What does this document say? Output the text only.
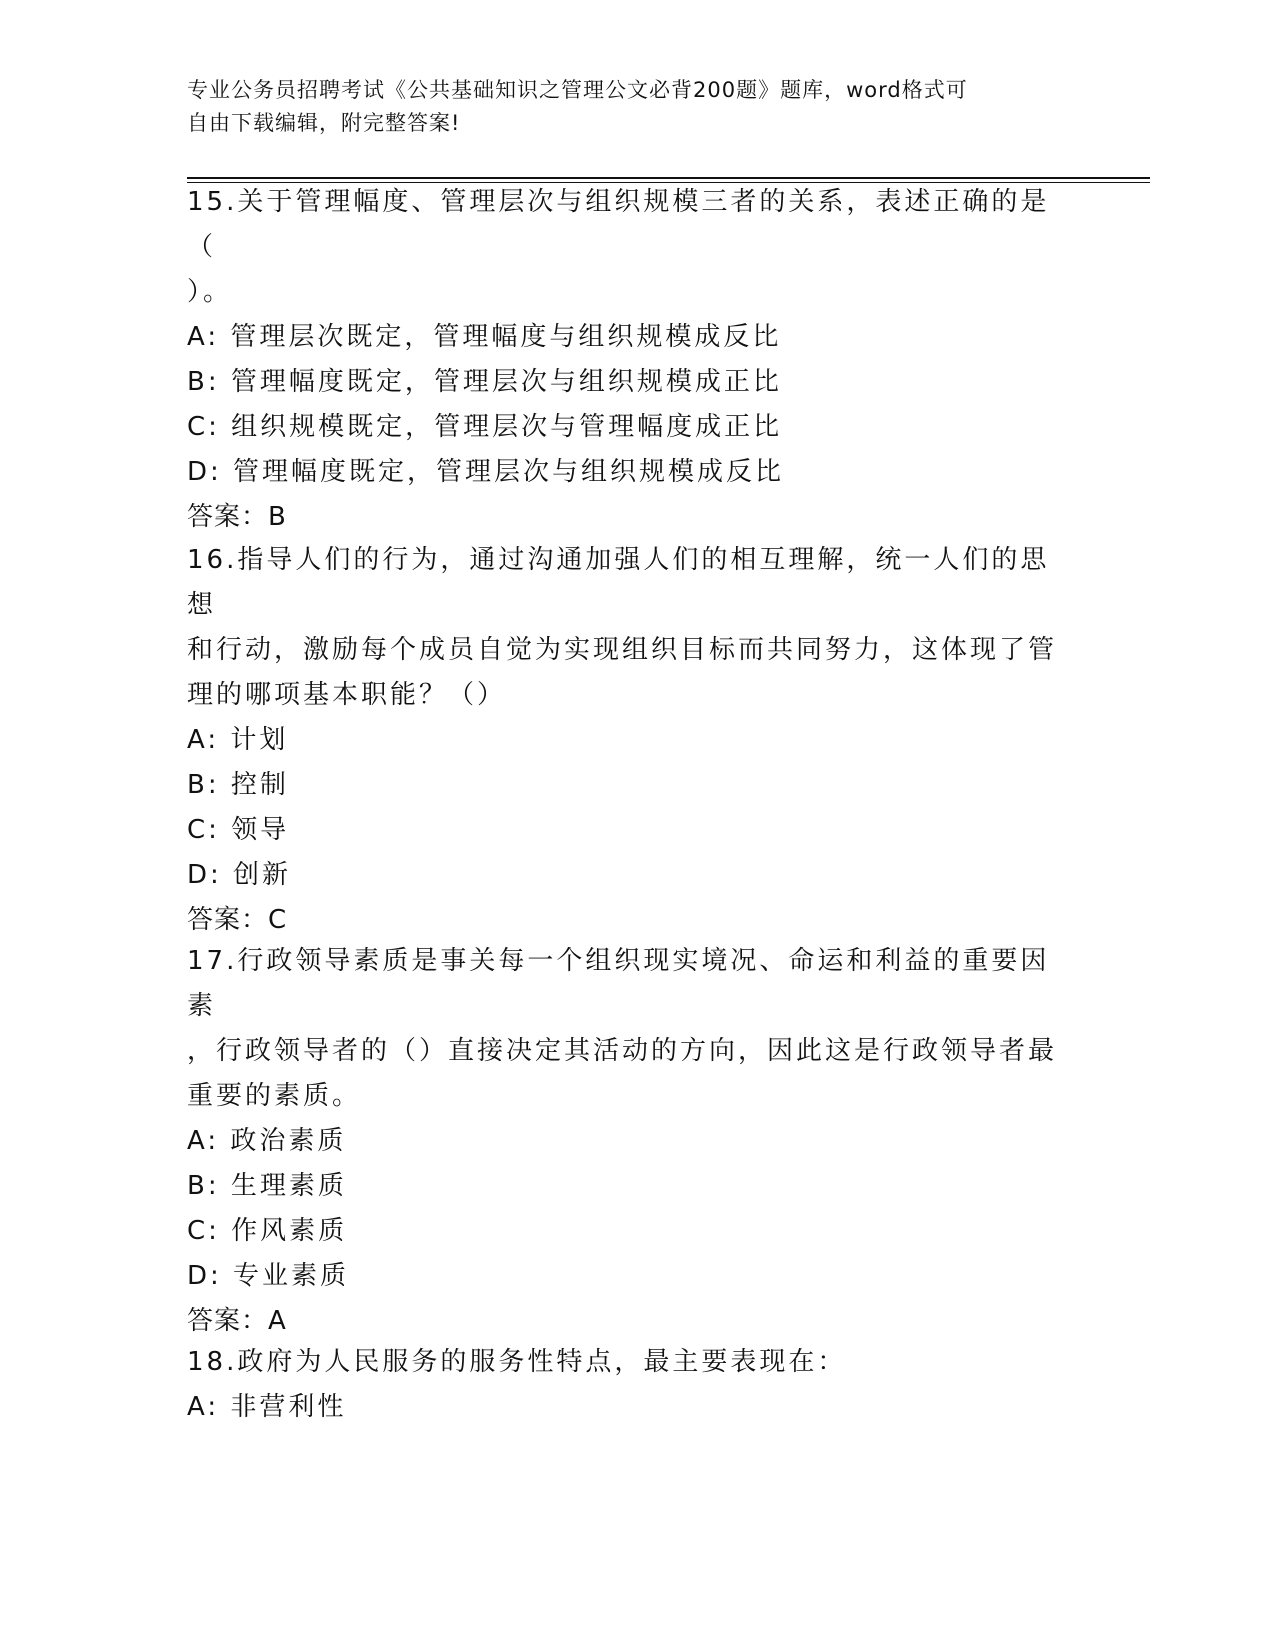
专业公务员招聘考试《公共基础知识之管理公文必背200题》题库，word格式可
自由下载编辑，附完整答案!

15.关于管理幅度、管理层次与组织规模三者的关系，表述正确的是（

）。

A: 管理层次既定，管理幅度与组织规模成反比

B: 管理幅度既定，管理层次与组织规模成正比

C: 组织规模既定，管理层次与管理幅度成正比

D: 管理幅度既定，管理层次与组织规模成反比

答案：B

16.指导人们的行为，通过沟通加强人们的相互理解，统一人们的思想

和行动，激励每个成员自觉为实现组织目标而共同努力，这体现了管

理的哪项基本职能？（）

A: 计划

B: 控制

C: 领导

D: 创新

答案：C

17.行政领导素质是事关每一个组织现实境况、命运和利益的重要因素

，行政领导者的（）直接决定其活动的方向，因此这是行政领导者最

重要的素质。

A: 政治素质

B: 生理素质

C: 作风素质

D: 专业素质

答案：A

18.政府为人民服务的服务性特点，最主要表现在：

A: 非营利性
